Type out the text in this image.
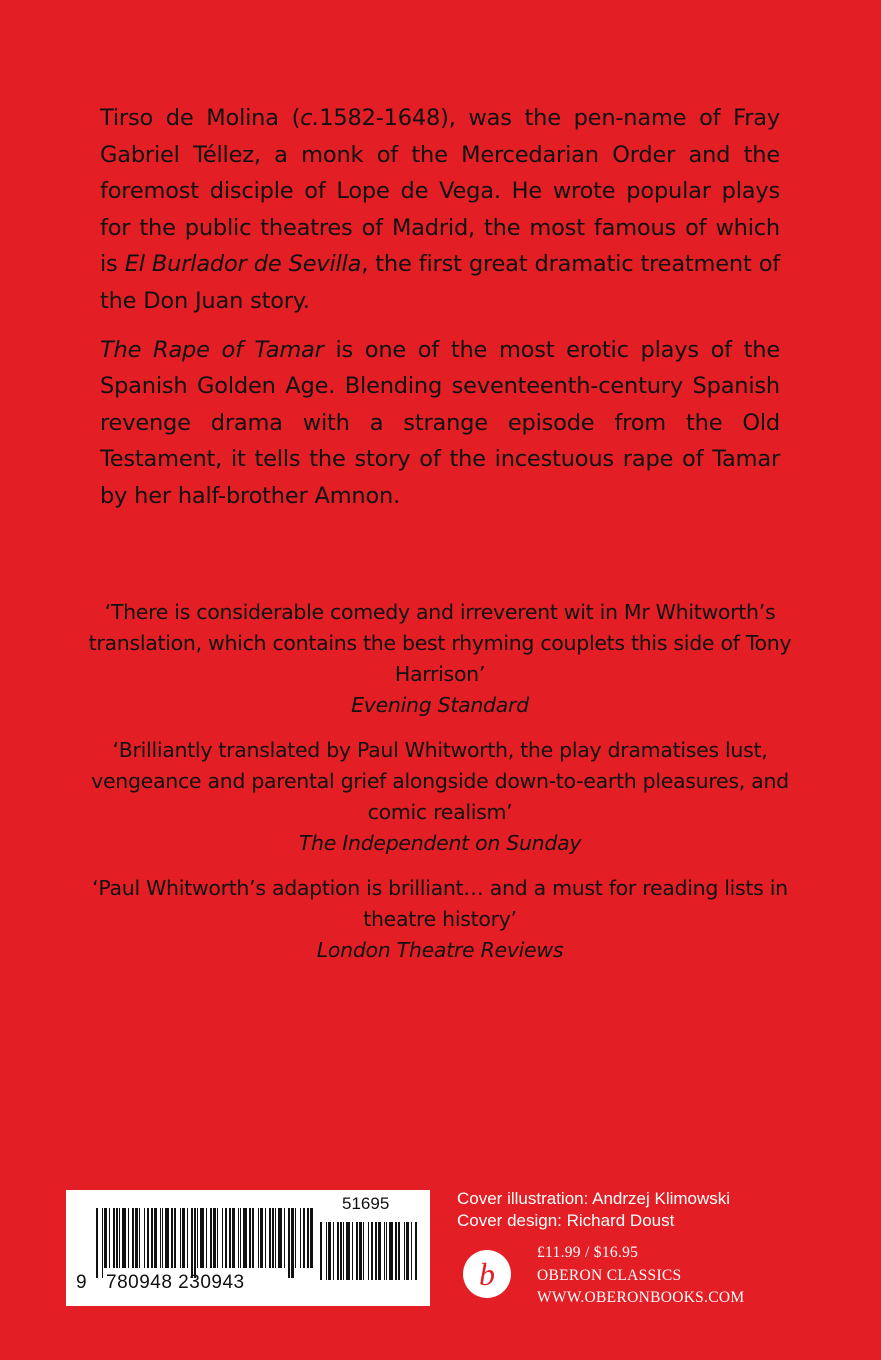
Tirso de Molina (c.1582-1648), was the pen-name of Fray Gabriel Téllez, a monk of the Mercedarian Order and the foremost disciple of Lope de Vega. He wrote popular plays for the public theatres of Madrid, the most famous of which is El Burlador de Sevilla, the first great dramatic treatment of the Don Juan story.

The Rape of Tamar is one of the most erotic plays of the Spanish Golden Age. Blending seventeenth-century Spanish revenge drama with a strange episode from the Old Testament, it tells the story of the incestuous rape of Tamar by her half-brother Amnon.

‘There is considerable comedy and irreverent wit in Mr Whitworth’s translation, which contains the best rhyming couplets this side of Tony Harrison’
Evening Standard
‘Brilliantly translated by Paul Whitworth, the play dramatises lust, vengeance and parental grief alongside down-to-earth pleasures, and comic realism’
The Independent on Sunday
‘Paul Whitworth’s adaption is brilliant… and a must for reading lists in theatre history’
London Theatre Reviews
9 780948 230943
51695	Cover illustration: Andrzej Klimowski
Cover design: Richard Doust
b
£11.99 / $16.95
OBERON CLASSICS
WWW.OBERONBOOKS.COM
